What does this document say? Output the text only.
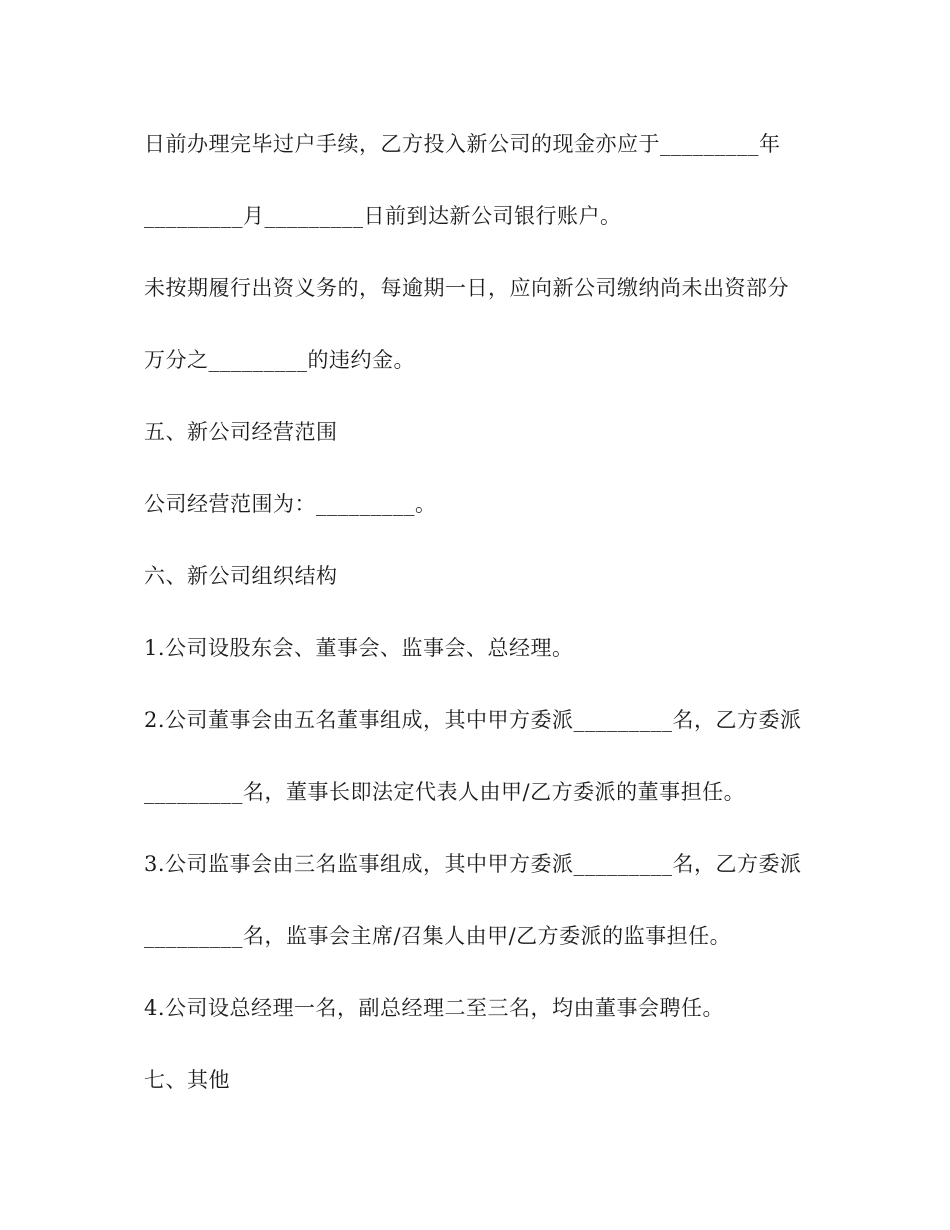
日前办理完毕过户手续，乙方投入新公司的现金亦应于_________年
_________月_________日前到达新公司银行账户。
未按期履行出资义务的，每逾期一日，应向新公司缴纳尚未出资部分
万分之_________的违约金。
五、新公司经营范围
公司经营范围为：_________。
六、新公司组织结构
1.公司设股东会、董事会、监事会、总经理。
2.公司董事会由五名董事组成，其中甲方委派_________名，乙方委派
_________名，董事长即法定代表人由甲/乙方委派的董事担任。
3.公司监事会由三名监事组成，其中甲方委派_________名，乙方委派
_________名，监事会主席/召集人由甲/乙方委派的监事担任。
4.公司设总经理一名，副总经理二至三名，均由董事会聘任。
七、其他
